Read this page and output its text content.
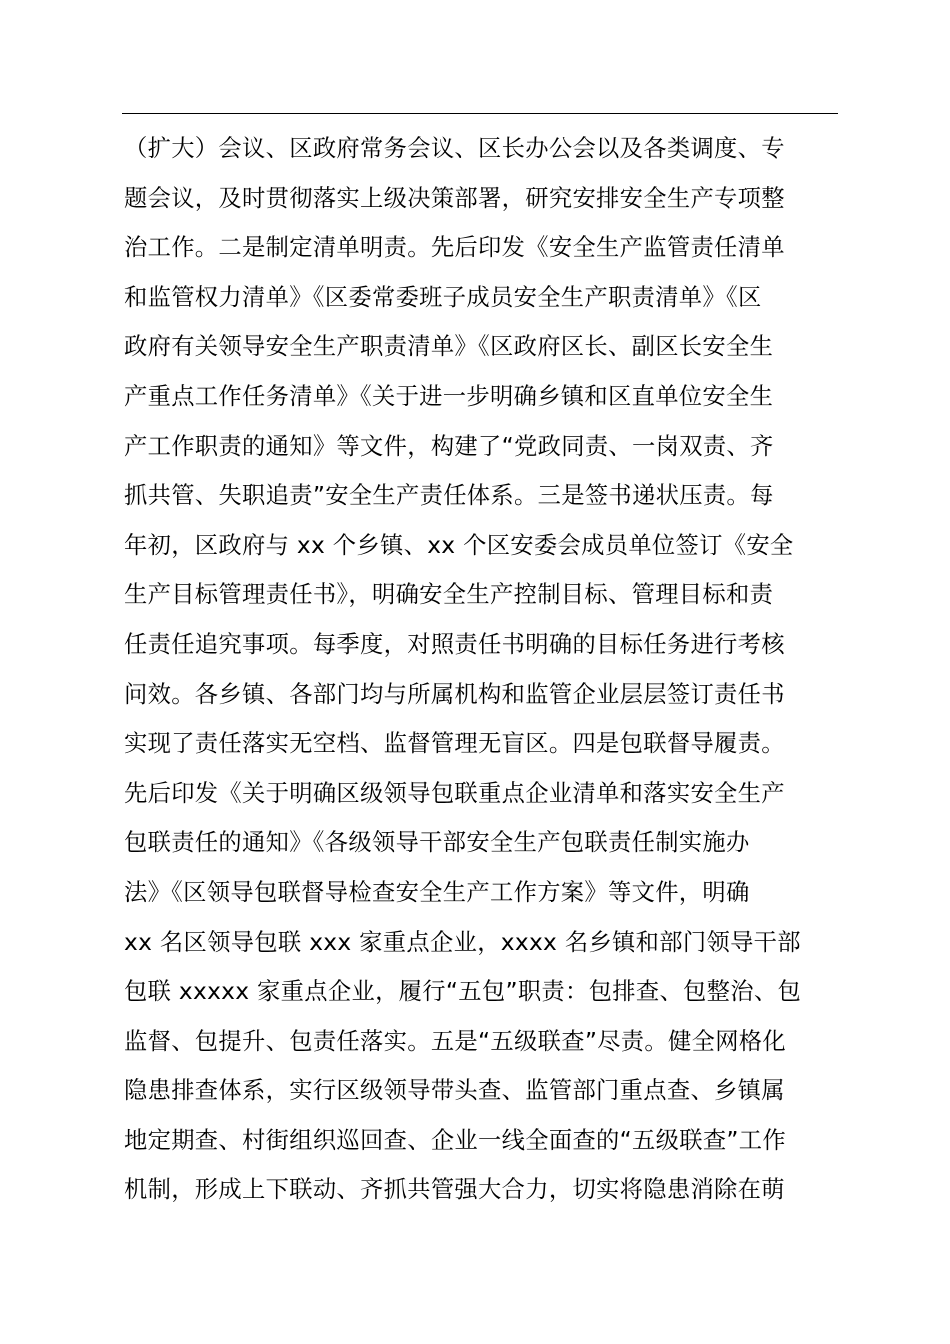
（扩大）会议、区政府常务会议、区长办公会以及各类调度、专
题会议，及时贯彻落实上级决策部署，研究安排安全生产专项整
治工作。二是制定清单明责。先后印发《安全生产监管责任清单
和监管权力清单》《区委常委班子成员安全生产职责清单》《区
政府有关领导安全生产职责清单》《区政府区长、副区长安全生
产重点工作任务清单》《关于进一步明确乡镇和区直单位安全生
产工作职责的通知》等文件，构建了“党政同责、一岗双责、齐
抓共管、失职追责”安全生产责任体系。三是签书递状压责。每
年初，区政府与 xx 个乡镇、xx 个区安委会成员单位签订《安全
生产目标管理责任书》，明确安全生产控制目标、管理目标和责
任责任追究事项。每季度，对照责任书明确的目标任务进行考核
问效。各乡镇、各部门均与所属机构和监管企业层层签订责任书
实现了责任落实无空档、监督管理无盲区。四是包联督导履责。
先后印发《关于明确区级领导包联重点企业清单和落实安全生产
包联责任的通知》《各级领导干部安全生产包联责任制实施办
法》《区领导包联督导检查安全生产工作方案》等文件，明确
xx 名区领导包联 xxx 家重点企业，xxxx 名乡镇和部门领导干部
包联 xxxxx 家重点企业，履行“五包”职责：包排查、包整治、包
监督、包提升、包责任落实。五是“五级联查”尽责。健全网格化
隐患排查体系，实行区级领导带头查、监管部门重点查、乡镇属
地定期查、村街组织巡回查、企业一线全面查的“五级联查”工作
机制，形成上下联动、齐抓共管强大合力，切实将隐患消除在萌
